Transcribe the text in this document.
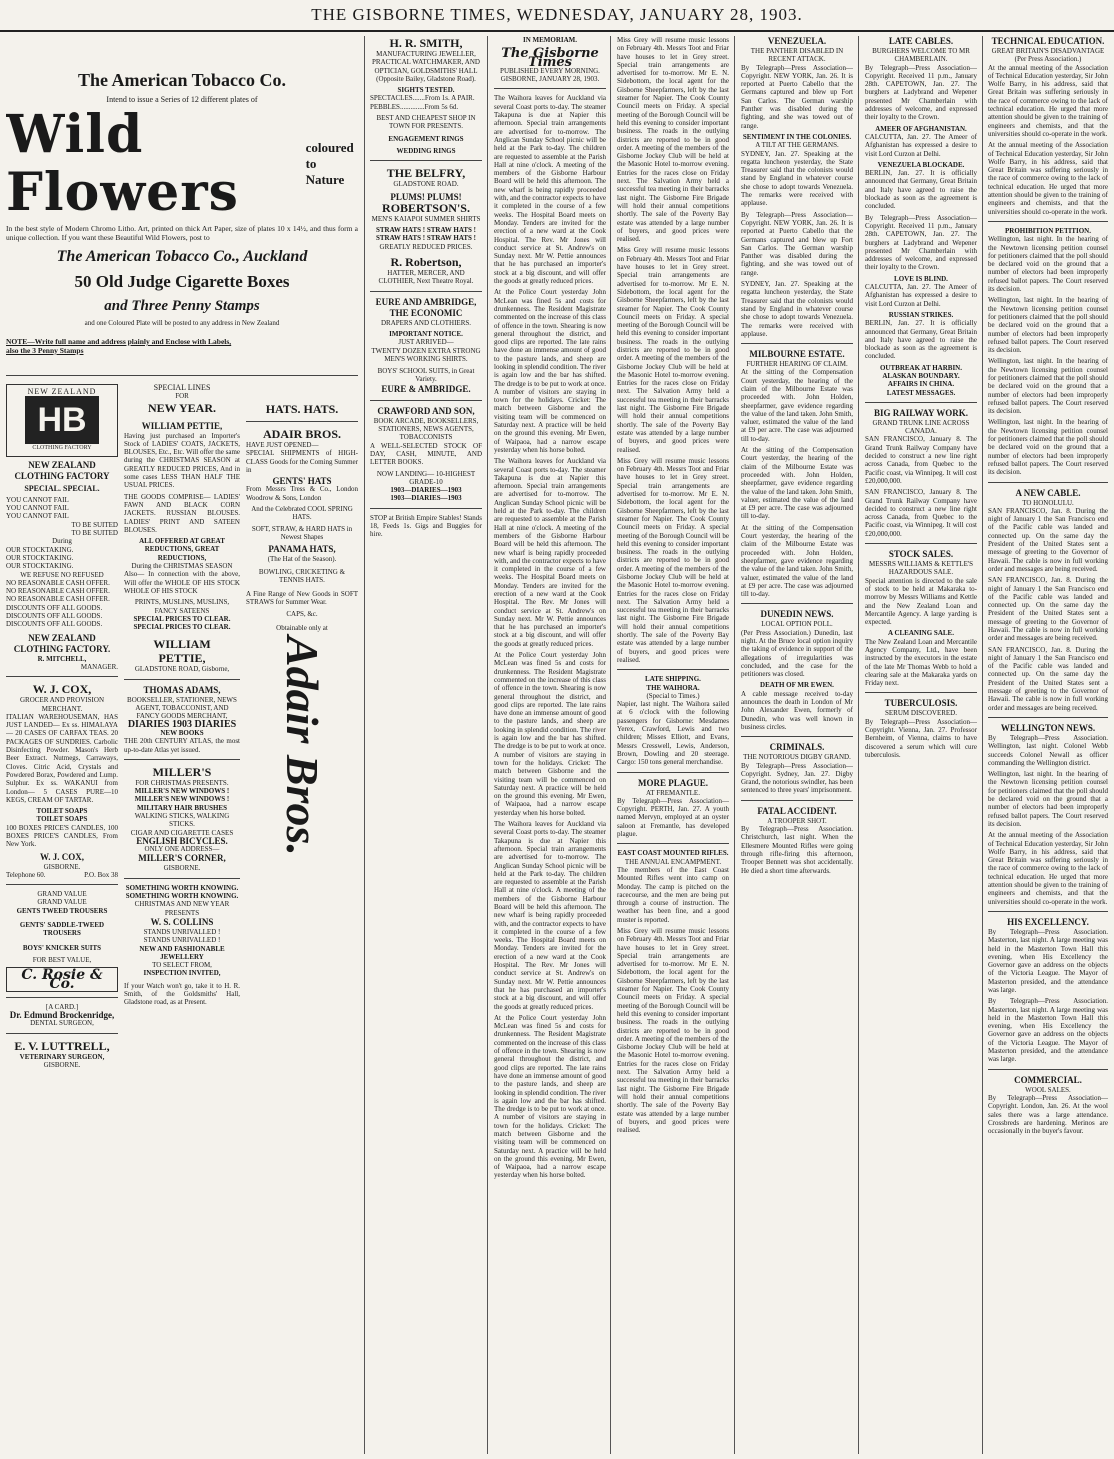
THE GISBORNE TIMES, WEDNESDAY, JANUARY 28, 1903.
The American Tobacco Co.
Intend to issue a Series of 12 different plates of
Wild Flowers
coloured to Nature

In the best style of Modern Chromo Litho. Art, printed on thick Art Paper, size of plates 10 x 14½, and thus form a unique collection. If you want these Beautiful Wild Flowers, post to

The American Tobacco Co., Auckland
50 Old Judge Cigarette Boxes
and Three Penny Stamps
and one Coloured Plate will be posted to any address in New Zealand
NOTE—Write full name and address plainly and Enclose with Labels, also the 3 Penny Stamps
NEW ZEALAND
HB
CLOTHING FACTORY
NEW ZEALAND CLOTHING FACTORY
SPECIAL. SPECIAL.
YOU CANNOT FAIL
YOU CANNOT FAIL
YOU CANNOT FAIL
TO BE SUITED
TO BE SUITED
During
OUR STOCKTAKING.
OUR STOCKTAKING.
OUR STOCKTAKING.
WE REFUSE NO REFUSED
NO REASONABLE CASH OFFER.
NO REASONABLE CASH OFFER.
NO REASONABLE CASH OFFER.
DISCOUNTS OFF ALL GOODS.
DISCOUNTS OFF ALL GOODS.
DISCOUNTS OFF ALL GOODS.
NEW ZEALAND CLOTHING FACTORY.
R. MITCHELL,
MANAGER.
W. J. COX,
GROCER AND PROVISION MERCHANT.

ITALIAN WAREHOUSEMAN, HAS JUST LANDED— Ex ss. HIMALAYA— 20 CASES OF CARFAX TEAS. 20 PACKAGES OF SUNDRIES. Carbolic Disinfecting Powder. Mason's Herb Beer Extract. Nutmegs, Carraways, Cloves. Citric Acid, Crystals and Powdered Borax, Powdered and Lump. Sulphur. Ex ss. WAKANUI from London— 5 CASES PURE—10 KEGS, CREAM OF TARTAR.

TOILET SOAPS
TOILET SOAPS

100 BOXES PRICE'S CANDLES, 100 BOXES PRICE'S CANDLES, From New York.

W. J. COX,
GISBORNE.
Telephone 60.	P.O. Box 38
GRAND VALUE
GRAND VALUE
GENTS TWEED TROUSERS
GENTS' SADDLE-TWEED TROUSERS
BOYS' KNICKER SUITS
FOR BEST VALUE,
C. Rosie & Co.
[A CARD.]
Dr. Edmund Brockenridge,
DENTAL SURGEON,
E. V. LUTTRELL,
VETERINARY SURGEON,
GISBORNE.
SPECIAL LINES
FOR
NEW YEAR.
WILLIAM PETTIE,

Having just purchased an Importer's Stock of LADIES' COATS, JACKETS, BLOUSES, Etc., Etc. Will offer the same during the CHRISTMAS SEASON at GREATLY REDUCED PRICES, And in some cases LESS THAN HALF THE USUAL PRICES.

THE GOODS COMPRISE— LADIES' FAWN AND BLACK CORN JACKETS. RUSSIAN BLOUSES. LADIES' PRINT AND SATEEN BLOUSES.

ALL OFFERED AT GREAT REDUCTIONS, GREAT REDUCTIONS,
During the CHRISTMAS SEASON

Also— In connection with the above, Will offer the WHOLE OF HIS STOCK WHOLE OF HIS STOCK

PRINTS, MUSLINS, MUSLINS, FANCY SATEENS
SPECIAL PRICES TO CLEAR.
SPECIAL PRICES TO CLEAR.
WILLIAM
PETTIE,
GLADSTONE ROAD, Gisborne,
THOMAS ADAMS,
BOOKSELLER, STATIONER, NEWS AGENT, TOBACCONIST, AND FANCY GOODS MERCHANT,
DIARIES 1903 DIARIES
NEW BOOKS

THE 20th CENTURY ATLAS, the most up-to-date Atlas yet issued.

MILLER'S
FOR CHRISTMAS PRESENTS.
MILLER'S NEW WINDOWS ! MILLER'S NEW WINDOWS !
MILITARY HAIR BRUSHES
WALKING STICKS, WALKING STICKS.
CIGAR AND CIGARETTE CASES
ENGLISH BICYCLES.
ONLY ONE ADDRESS—
MILLER'S CORNER,
GISBORNE.
SOMETHING WORTH KNOWING.
SOMETHING WORTH KNOWING.
CHRISTMAS AND NEW YEAR PRESENTS
W. S. COLLINS
STANDS UNRIVALLED !
STANDS UNRIVALLED !
NEW AND FASHIONABLE JEWELLERY
TO SELECT FROM,
INSPECTION INVITED,

If your Watch won't go, take it to H. R. Smith, of the Goldsmiths' Hall, Gladstone road, as at Present.

HATS. HATS.
ADAIR BROS.
HAVE JUST OPENED—

SPECIAL SHIPMENTS of HIGH-CLASS Goods for the Coming Summer in

GENTS' HATS

From Messrs Tress & Co., London Woodrow & Sons, London

And the Celebrated COOL SPRING HATS.

SOFT, STRAW, & HARD HATS in Newest Shapes

PANAMA HATS,
(The Hat of the Season).
BOWLING, CRICKETING & TENNIS HATS.

A Fine Range of New Goods in SOFT STRAWS for Summer Wear.

CAPS, &c.
Obtainable only at
Adair Bros.
H. R. SMITH,

MANUFACTURING JEWELLER, PRACTICAL WATCHMAKER, AND OPTICIAN, GOLDSMITHS' HALL (Opposite Bailey, Gladstone Road).

SIGHTS TESTED.
SPECTACLES.......From 1s. A PAIR.
PEBBLES..............From 5s 6d.
BEST AND CHEAPEST SHOP IN TOWN FOR PRESENTS.
ENGAGEMENT RINGS
WEDDING RINGS
THE BELFRY,
GLADSTONE ROAD.
PLUMS! PLUMS!
ROBERTSON'S.
MEN'S KAIAPOI SUMMER SHIRTS
STRAW HATS ! STRAW HATS !
STRAW HATS ! STRAW HATS !
GREATLY REDUCED PRICES.
R. Robertson,
HATTER, MERCER, AND CLOTHIER, Next Theatre Royal.
EURE AND AMBRIDGE,
THE ECONOMIC
DRAPERS AND CLOTHIERS.
IMPORTANT NOTICE.
JUST ARRIVED—
TWENTY DOZEN EXTRA STRONG MEN'S WORKING SHIRTS.
BOYS' SCHOOL SUITS, in Great Variety.
EURE & AMBRIDGE.
CRAWFORD AND SON,
BOOK ARCADE, BOOKSELLERS, STATIONERS, NEWS AGENTS, TOBACCONISTS

A WELL-SELECTED STOCK OF DAY, CASH, MINUTE, AND LETTER BOOKS.

NOW LANDING— 10-HIGHEST GRADE-10
1903—DIARIES—1903
1903—DIARIES—1903

STOP at British Empire Stables! Stands 18, Feeds 1s. Gigs and Buggies for hire.

IN MEMORIAM.
The Gisborne Times
PUBLISHED EVERY MORNING.
GISBORNE, JANUARY 28, 1903.

The Waihora leaves for Auckland via several Coast ports to-day. The steamer Takapuna is due at Napier this afternoon. Special train arrangements are advertised for to-morrow. The Anglican Sunday School picnic will be held at the Park to-day. The children are requested to assemble at the Parish Hall at nine o'clock. A meeting of the members of the Gisborne Harbour Board will be held this afternoon. The new wharf is being rapidly proceeded with, and the contractor expects to have it completed in the course of a few weeks. The Hospital Board meets on Monday. Tenders are invited for the erection of a new ward at the Cook Hospital. The Rev. Mr Jones will conduct service at St. Andrew's on Sunday next. Mr W. Pettie announces that he has purchased an importer's stock at a big discount, and will offer the goods at greatly reduced prices.

At the Police Court yesterday John McLean was fined 5s and costs for drunkenness. The Resident Magistrate commented on the increase of this class of offence in the town. Shearing is now general throughout the district, and good clips are reported. The late rains have done an immense amount of good to the pasture lands, and sheep are looking in splendid condition. The river is again low and the bar has shifted. The dredge is to be put to work at once. A number of visitors are staying in town for the holidays. Cricket: The match between Gisborne and the visiting team will be commenced on Saturday next. A practice will be held on the ground this evening. Mr Ewen, of Waipaoa, had a narrow escape yesterday when his horse bolted.

The Waihora leaves for Auckland via several Coast ports to-day. The steamer Takapuna is due at Napier this afternoon. Special train arrangements are advertised for to-morrow. The Anglican Sunday School picnic will be held at the Park to-day. The children are requested to assemble at the Parish Hall at nine o'clock. A meeting of the members of the Gisborne Harbour Board will be held this afternoon. The new wharf is being rapidly proceeded with, and the contractor expects to have it completed in the course of a few weeks. The Hospital Board meets on Monday. Tenders are invited for the erection of a new ward at the Cook Hospital. The Rev. Mr Jones will conduct service at St. Andrew's on Sunday next. Mr W. Pettie announces that he has purchased an importer's stock at a big discount, and will offer the goods at greatly reduced prices.

At the Police Court yesterday John McLean was fined 5s and costs for drunkenness. The Resident Magistrate commented on the increase of this class of offence in the town. Shearing is now general throughout the district, and good clips are reported. The late rains have done an immense amount of good to the pasture lands, and sheep are looking in splendid condition. The river is again low and the bar has shifted. The dredge is to be put to work at once. A number of visitors are staying in town for the holidays. Cricket: The match between Gisborne and the visiting team will be commenced on Saturday next. A practice will be held on the ground this evening. Mr Ewen, of Waipaoa, had a narrow escape yesterday when his horse bolted.

The Waihora leaves for Auckland via several Coast ports to-day. The steamer Takapuna is due at Napier this afternoon. Special train arrangements are advertised for to-morrow. The Anglican Sunday School picnic will be held at the Park to-day. The children are requested to assemble at the Parish Hall at nine o'clock. A meeting of the members of the Gisborne Harbour Board will be held this afternoon. The new wharf is being rapidly proceeded with, and the contractor expects to have it completed in the course of a few weeks. The Hospital Board meets on Monday. Tenders are invited for the erection of a new ward at the Cook Hospital. The Rev. Mr Jones will conduct service at St. Andrew's on Sunday next. Mr W. Pettie announces that he has purchased an importer's stock at a big discount, and will offer the goods at greatly reduced prices.

At the Police Court yesterday John McLean was fined 5s and costs for drunkenness. The Resident Magistrate commented on the increase of this class of offence in the town. Shearing is now general throughout the district, and good clips are reported. The late rains have done an immense amount of good to the pasture lands, and sheep are looking in splendid condition. The river is again low and the bar has shifted. The dredge is to be put to work at once. A number of visitors are staying in town for the holidays. Cricket: The match between Gisborne and the visiting team will be commenced on Saturday next. A practice will be held on the ground this evening. Mr Ewen, of Waipaoa, had a narrow escape yesterday when his horse bolted.

Miss Grey will resume music lessons on February 4th. Messrs Toot and Friar have houses to let in Grey street. Special train arrangements are advertised for to-morrow. Mr E. N. Sidebottom, the local agent for the Gisborne Sheepfarmers, left by the last steamer for Napier. The Cook County Council meets on Friday. A special meeting of the Borough Council will be held this evening to consider important business. The roads in the outlying districts are reported to be in good order. A meeting of the members of the Gisborne Jockey Club will be held at the Masonic Hotel to-morrow evening. Entries for the races close on Friday next. The Salvation Army held a successful tea meeting in their barracks last night. The Gisborne Fire Brigade will hold their annual competitions shortly. The sale of the Poverty Bay estate was attended by a large number of buyers, and good prices were realised.

Miss Grey will resume music lessons on February 4th. Messrs Toot and Friar have houses to let in Grey street. Special train arrangements are advertised for to-morrow. Mr E. N. Sidebottom, the local agent for the Gisborne Sheepfarmers, left by the last steamer for Napier. The Cook County Council meets on Friday. A special meeting of the Borough Council will be held this evening to consider important business. The roads in the outlying districts are reported to be in good order. A meeting of the members of the Gisborne Jockey Club will be held at the Masonic Hotel to-morrow evening. Entries for the races close on Friday next. The Salvation Army held a successful tea meeting in their barracks last night. The Gisborne Fire Brigade will hold their annual competitions shortly. The sale of the Poverty Bay estate was attended by a large number of buyers, and good prices were realised.

Miss Grey will resume music lessons on February 4th. Messrs Toot and Friar have houses to let in Grey street. Special train arrangements are advertised for to-morrow. Mr E. N. Sidebottom, the local agent for the Gisborne Sheepfarmers, left by the last steamer for Napier. The Cook County Council meets on Friday. A special meeting of the Borough Council will be held this evening to consider important business. The roads in the outlying districts are reported to be in good order. A meeting of the members of the Gisborne Jockey Club will be held at the Masonic Hotel to-morrow evening. Entries for the races close on Friday next. The Salvation Army held a successful tea meeting in their barracks last night. The Gisborne Fire Brigade will hold their annual competitions shortly. The sale of the Poverty Bay estate was attended by a large number of buyers, and good prices were realised.

LATE SHIPPING.
THE WAIHORA.
(Special to Times.)

Napier, last night. The Waihora sailed at 6 o'clock with the following passengers for Gisborne: Mesdames Yerex, Crawford, Lewis and two children; Misses Elliott, and Evans, Messrs Cresswell, Lewis, Anderson, Brown, Dowling and 20 steerage. Cargo: 150 tons general merchandise.

MORE PLAGUE.
AT FREMANTLE.

By Telegraph—Press Association—Copyright. PERTH, Jan. 27. A youth named Mervyn, employed at an oyster saloon at Fremantle, has developed plague.

EAST COAST MOUNTED RIFLES.
THE ANNUAL ENCAMPMENT.

The members of the East Coast Mounted Rifles went into camp on Monday. The camp is pitched on the racecourse, and the men are being put through a course of instruction. The weather has been fine, and a good muster is reported.

Miss Grey will resume music lessons on February 4th. Messrs Toot and Friar have houses to let in Grey street. Special train arrangements are advertised for to-morrow. Mr E. N. Sidebottom, the local agent for the Gisborne Sheepfarmers, left by the last steamer for Napier. The Cook County Council meets on Friday. A special meeting of the Borough Council will be held this evening to consider important business. The roads in the outlying districts are reported to be in good order. A meeting of the members of the Gisborne Jockey Club will be held at the Masonic Hotel to-morrow evening. Entries for the races close on Friday next. The Salvation Army held a successful tea meeting in their barracks last night. The Gisborne Fire Brigade will hold their annual competitions shortly. The sale of the Poverty Bay estate was attended by a large number of buyers, and good prices were realised.

VENEZUELA.
THE PANTHER DISABLED IN RECENT ATTACK.

By Telegraph—Press Association—Copyright. NEW YORK, Jan. 26. It is reported at Puerto Cabello that the Germans captured and blew up Fort San Carlos. The German warship Panther was disabled during the fighting, and she was towed out of range.

SENTIMENT IN THE COLONIES.
A TILT AT THE GERMANS.

SYDNEY, Jan. 27. Speaking at the regatta luncheon yesterday, the State Treasurer said that the colonists would stand by England in whatever course she chose to adopt towards Venezuela. The remarks were received with applause.

By Telegraph—Press Association—Copyright. NEW YORK, Jan. 26. It is reported at Puerto Cabello that the Germans captured and blew up Fort San Carlos. The German warship Panther was disabled during the fighting, and she was towed out of range.

SYDNEY, Jan. 27. Speaking at the regatta luncheon yesterday, the State Treasurer said that the colonists would stand by England in whatever course she chose to adopt towards Venezuela. The remarks were received with applause.

MILBOURNE ESTATE.
FURTHER HEARING OF CLAIM.

At the sitting of the Compensation Court yesterday, the hearing of the claim of the Milbourne Estate was proceeded with. John Holden, sheepfarmer, gave evidence regarding the value of the land taken. John Smith, valuer, estimated the value of the land at £9 per acre. The case was adjourned till to-day.

At the sitting of the Compensation Court yesterday, the hearing of the claim of the Milbourne Estate was proceeded with. John Holden, sheepfarmer, gave evidence regarding the value of the land taken. John Smith, valuer, estimated the value of the land at £9 per acre. The case was adjourned till to-day.

At the sitting of the Compensation Court yesterday, the hearing of the claim of the Milbourne Estate was proceeded with. John Holden, sheepfarmer, gave evidence regarding the value of the land taken. John Smith, valuer, estimated the value of the land at £9 per acre. The case was adjourned till to-day.

DUNEDIN NEWS.
LOCAL OPTION POLL.

(Per Press Association.) Dunedin, last night. At the Bruce local option inquiry the taking of evidence in support of the allegations of irregularities was concluded, and the case for the petitioners was closed.

DEATH OF MR EWEN.

A cable message received to-day announces the death in London of Mr John Alexander Ewen, formerly of Dunedin, who was well known in business circles.

CRIMINALS.
THE NOTORIOUS DIGBY GRAND.

By Telegraph—Press Association—Copyright. Sydney, Jan. 27. Digby Grand, the notorious swindler, has been sentenced to three years' imprisonment.

FATAL ACCIDENT.
A TROOPER SHOT.

By Telegraph—Press Association. Christchurch, last night. When the Ellesmere Mounted Rifles were going through rifle-firing this afternoon, Trooper Bennett was shot accidentally. He died a short time afterwards.

LATE CABLES.
BURGHERS WELCOME TO MR CHAMBERLAIN.

By Telegraph—Press Association—Copyright. Received 11 p.m., January 28th. CAPETOWN, Jan. 27. The burghers at Ladybrand and Wepener presented Mr Chamberlain with addresses of welcome, and expressed their loyalty to the Crown.

AMEER OF AFGHANISTAN.

CALCUTTA, Jan. 27. The Ameer of Afghanistan has expressed a desire to visit Lord Curzon at Delhi.

VENEZUELA BLOCKADE.

BERLIN, Jan. 27. It is officially announced that Germany, Great Britain and Italy have agreed to raise the blockade as soon as the agreement is concluded.

By Telegraph—Press Association—Copyright. Received 11 p.m., January 28th. CAPETOWN, Jan. 27. The burghers at Ladybrand and Wepener presented Mr Chamberlain with addresses of welcome, and expressed their loyalty to the Crown.

LOVE IS BLIND.

CALCUTTA, Jan. 27. The Ameer of Afghanistan has expressed a desire to visit Lord Curzon at Delhi.

RUSSIAN STRIKES.

BERLIN, Jan. 27. It is officially announced that Germany, Great Britain and Italy have agreed to raise the blockade as soon as the agreement is concluded.

OUTBREAK AT HARBIN.
ALASKAN BOUNDARY.
AFFAIRS IN CHINA.
LATEST MESSAGES.
BIG RAILWAY WORK.
GRAND TRUNK LINE ACROSS CANADA.

SAN FRANCISCO, January 8. The Grand Trunk Railway Company have decided to construct a new line right across Canada, from Quebec to the Pacific coast, via Winnipeg. It will cost £20,000,000.

SAN FRANCISCO, January 8. The Grand Trunk Railway Company have decided to construct a new line right across Canada, from Quebec to the Pacific coast, via Winnipeg. It will cost £20,000,000.

STOCK SALES.
MESSRS WILLIAMS & KETTLE'S HAZARDOUS SALE.

Special attention is directed to the sale of stock to be held at Makaraka to-morrow by Messrs Williams and Kettle and the New Zealand Loan and Mercantile Agency. A large yarding is expected.

A CLEANING SALE.

The New Zealand Loan and Mercantile Agency Company, Ltd., have been instructed by the executors in the estate of the late Mr Thomas Webb to hold a clearing sale at the Makaraka yards on Friday next.

TUBERCULOSIS.
SERUM DISCOVERED.

By Telegraph—Press Association—Copyright. Vienna, Jan. 27. Professor Bernheim, of Vienna, claims to have discovered a serum which will cure tuberculosis.

TECHNICAL EDUCATION.
GREAT BRITAIN'S DISADVANTAGE
(Per Press Association.)

At the annual meeting of the Association of Technical Education yesterday, Sir John Wolfe Barry, in his address, said that Great Britain was suffering seriously in the race of commerce owing to the lack of technical education. He urged that more attention should be given to the training of engineers and chemists, and that the universities should co-operate in the work.

At the annual meeting of the Association of Technical Education yesterday, Sir John Wolfe Barry, in his address, said that Great Britain was suffering seriously in the race of commerce owing to the lack of technical education. He urged that more attention should be given to the training of engineers and chemists, and that the universities should co-operate in the work.

PROHIBITION PETITION.

Wellington, last night. In the hearing of the Newtown licensing petition counsel for petitioners claimed that the poll should be declared void on the ground that a number of electors had been improperly refused ballot papers. The Court reserved its decision.

Wellington, last night. In the hearing of the Newtown licensing petition counsel for petitioners claimed that the poll should be declared void on the ground that a number of electors had been improperly refused ballot papers. The Court reserved its decision.

Wellington, last night. In the hearing of the Newtown licensing petition counsel for petitioners claimed that the poll should be declared void on the ground that a number of electors had been improperly refused ballot papers. The Court reserved its decision.

Wellington, last night. In the hearing of the Newtown licensing petition counsel for petitioners claimed that the poll should be declared void on the ground that a number of electors had been improperly refused ballot papers. The Court reserved its decision.

A NEW CABLE.
TO HONOLULU.

SAN FRANCISCO, Jan. 8. During the night of January 1 the San Francisco end of the Pacific cable was landed and connected up. On the same day the President of the United States sent a message of greeting to the Governor of Hawaii. The cable is now in full working order and messages are being received.

SAN FRANCISCO, Jan. 8. During the night of January 1 the San Francisco end of the Pacific cable was landed and connected up. On the same day the President of the United States sent a message of greeting to the Governor of Hawaii. The cable is now in full working order and messages are being received.

SAN FRANCISCO, Jan. 8. During the night of January 1 the San Francisco end of the Pacific cable was landed and connected up. On the same day the President of the United States sent a message of greeting to the Governor of Hawaii. The cable is now in full working order and messages are being received.

WELLINGTON NEWS.

By Telegraph—Press Association. Wellington, last night. Colonel Webb succeeds Colonel Newall as officer commanding the Wellington district.

Wellington, last night. In the hearing of the Newtown licensing petition counsel for petitioners claimed that the poll should be declared void on the ground that a number of electors had been improperly refused ballot papers. The Court reserved its decision.

At the annual meeting of the Association of Technical Education yesterday, Sir John Wolfe Barry, in his address, said that Great Britain was suffering seriously in the race of commerce owing to the lack of technical education. He urged that more attention should be given to the training of engineers and chemists, and that the universities should co-operate in the work.

HIS EXCELLENCY.

By Telegraph—Press Association. Masterton, last night. A large meeting was held in the Masterton Town Hall this evening, when His Excellency the Governor gave an address on the objects of the Victoria League. The Mayor of Masterton presided, and the attendance was large.

By Telegraph—Press Association. Masterton, last night. A large meeting was held in the Masterton Town Hall this evening, when His Excellency the Governor gave an address on the objects of the Victoria League. The Mayor of Masterton presided, and the attendance was large.

COMMERCIAL.
WOOL SALES.

By Telegraph—Press Association—Copyright. London, Jan. 26. At the wool sales there was a large attendance. Crossbreds are hardening. Merinos are occasionally in the buyer's favour.
